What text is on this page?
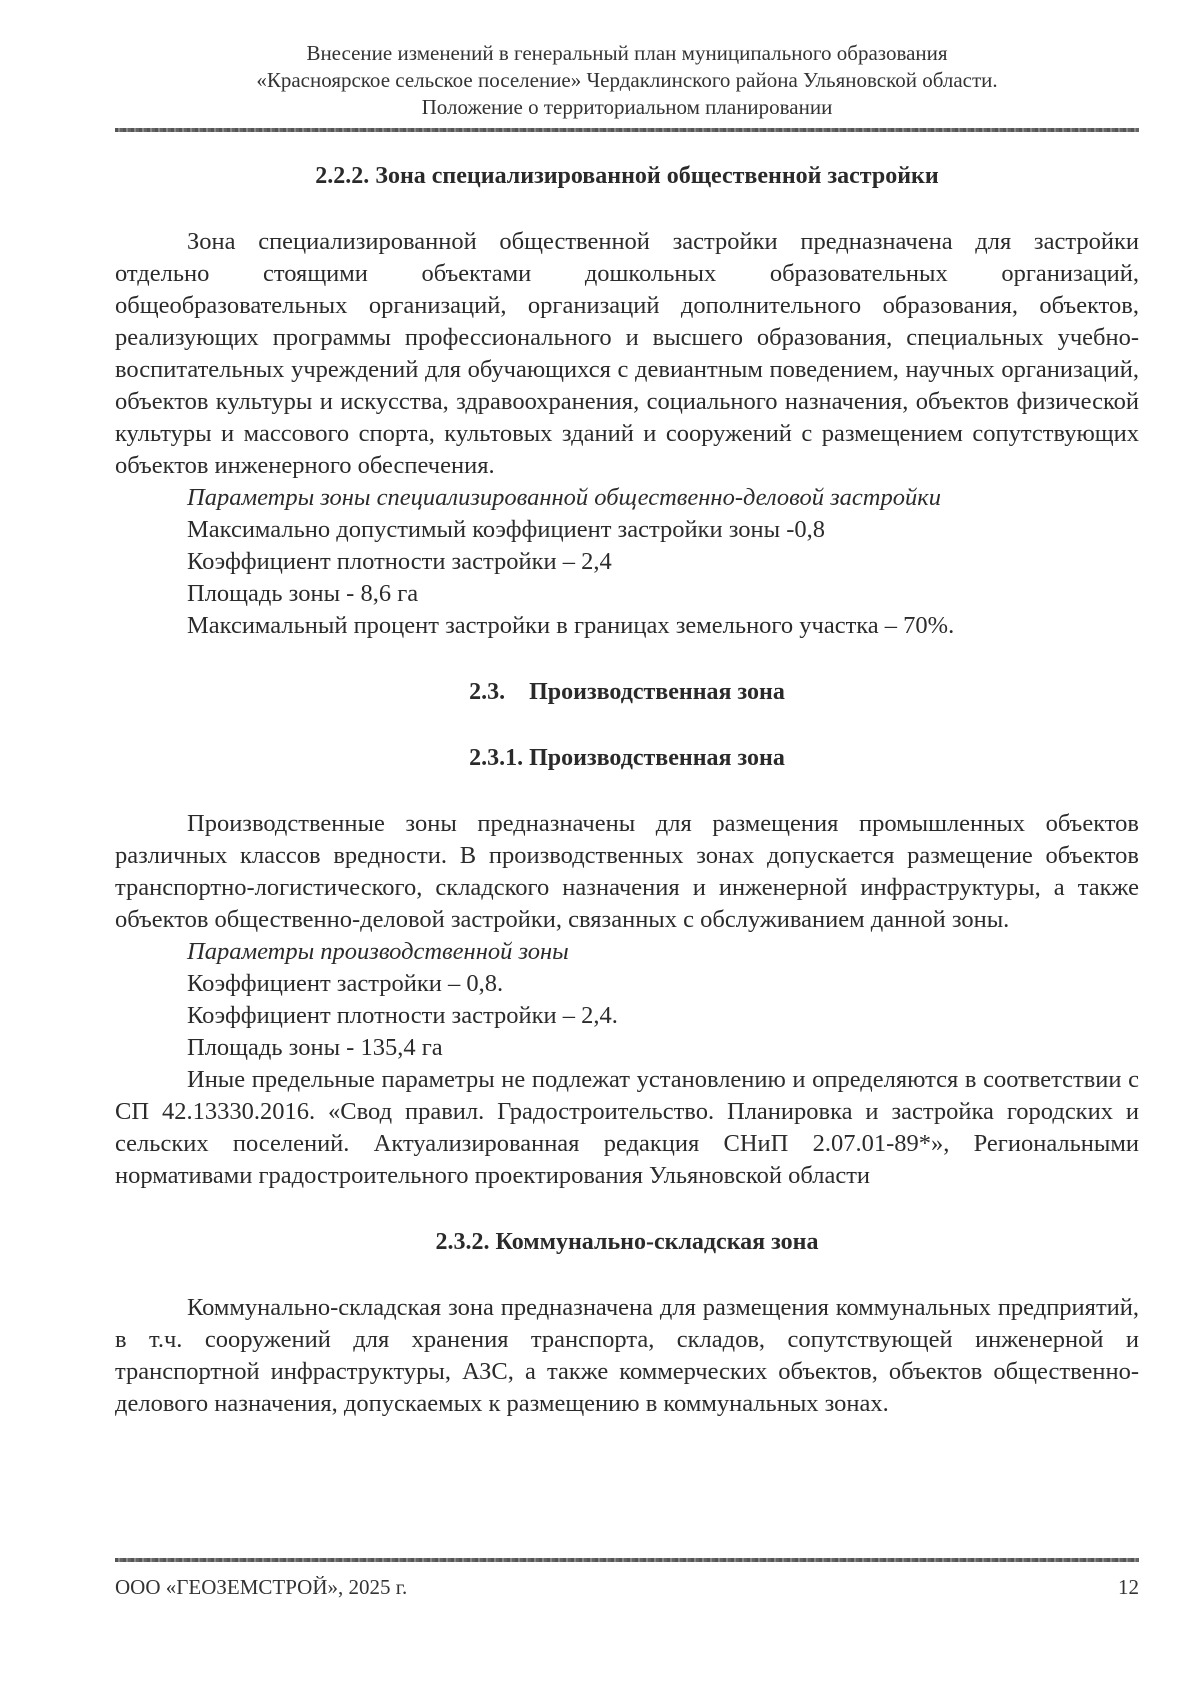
Внесение изменений в генеральный план муниципального образования
«Красноярское сельское поселение» Чердаклинского района Ульяновской области.
Положение о территориальном планировании
2.2.2. Зона специализированной общественной застройки

Зона специализированной общественной застройки предназначена для застройки отдельно стоящими объектами дошкольных образовательных организаций, общеобразовательных организаций, организаций дополнительного образования, объектов, реализующих программы профессионального и высшего образования, специальных учебно-воспитательных учреждений для обучающихся с девиантным поведением, научных организаций, объектов культуры и искусства, здравоохранения, социального назначения, объектов физической культуры и массового спорта, культовых зданий и сооружений с размещением сопутствующих объектов инженерного обеспечения.

Параметры зоны специализированной общественно-деловой застройки
Максимально допустимый коэффициент застройки зоны -0,8
Коэффициент плотности застройки – 2,4
Площадь зоны - 8,6 га
Максимальный процент застройки в границах земельного участка – 70%.
2.3.    Производственная зона
2.3.1. Производственная зона

Производственные зоны предназначены для размещения промышленных объектов различных классов вредности. В производственных зонах допускается размещение объектов транспортно-логистического, складского назначения и инженерной инфраструктуры, а также объектов общественно-деловой застройки, связанных с обслуживанием данной зоны.

Параметры производственной зоны
Коэффициент застройки – 0,8.
Коэффициент плотности застройки – 2,4.
Площадь зоны - 135,4 га

Иные предельные параметры не подлежат установлению и определяются в соответствии с СП 42.13330.2016. «Свод правил. Градостроительство. Планировка и застройка городских и сельских поселений. Актуализированная редакция СНиП 2.07.01-89*», Региональными нормативами градостроительного проектирования Ульяновской области

2.3.2. Коммунально-складская зона

Коммунально-складская зона предназначена для размещения коммунальных предприятий, в т.ч. сооружений для хранения транспорта, складов, сопутствующей инженерной и транспортной инфраструктуры, АЗС, а также коммерческих объектов, объектов общественно-делового назначения, допускаемых к размещению в коммунальных зонах.

ООО «ГЕОЗЕМСТРОЙ», 2025 г.	12
